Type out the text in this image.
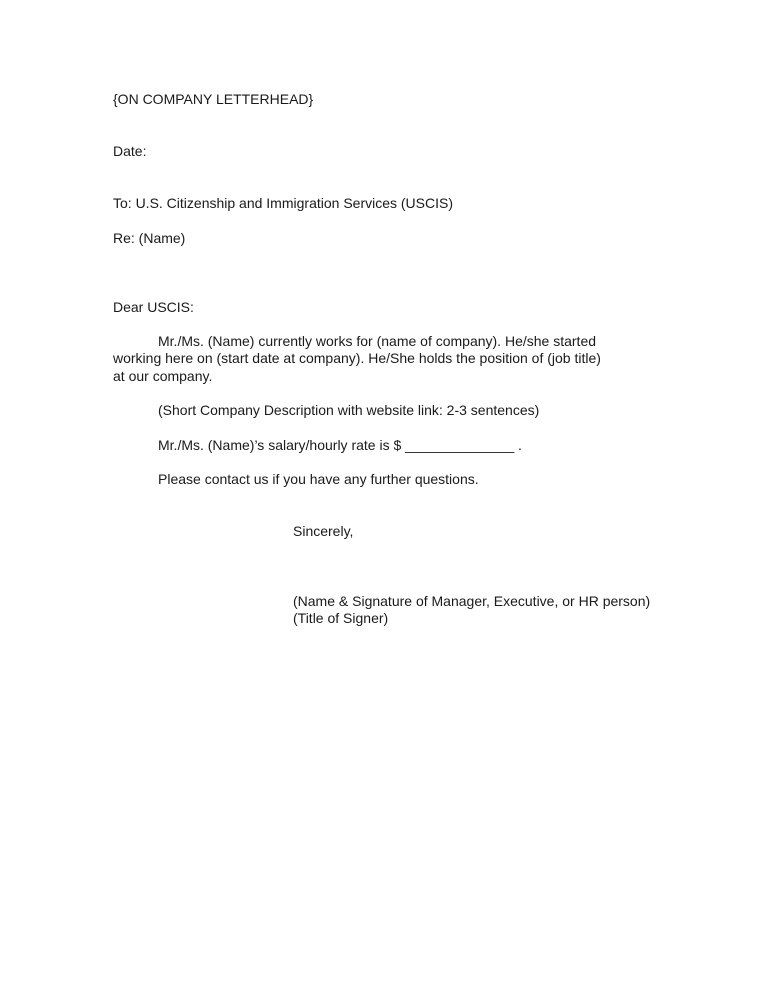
{ON COMPANY LETTERHEAD}
Date:
To: U.S. Citizenship and Immigration Services (USCIS)
Re: (Name)
Dear USCIS:
Mr./Ms. (Name) currently works for (name of company). He/she started
working here on (start date at company). He/She holds the position of (job title)
at our company.
(Short Company Description with website link: 2-3 sentences)
Mr./Ms. (Name)’s salary/hourly rate is $ ______________ .
Please contact us if you have any further questions.
Sincerely,
(Name & Signature of Manager, Executive, or HR person)
(Title of Signer)
